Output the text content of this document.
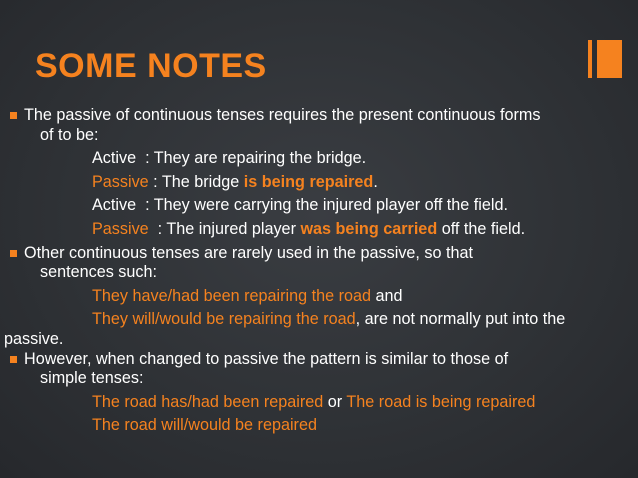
SOME NOTES
The passive of continuous tenses requires the present continuous forms
of to be:
Active  : They are repairing the bridge.
Passive : The bridge is being repaired.
Active  : They were carrying the injured player off the field.
Passive  : The injured player was being carried off the field.
Other continuous tenses are rarely used in the passive, so that
sentences such:
They have/had been repairing the road and
They will/would be repairing the road, are not normally put into the
passive.
However, when changed to passive the pattern is similar to those of
simple tenses:
The road has/had been repaired or The road is being repaired
The road will/would be repaired
